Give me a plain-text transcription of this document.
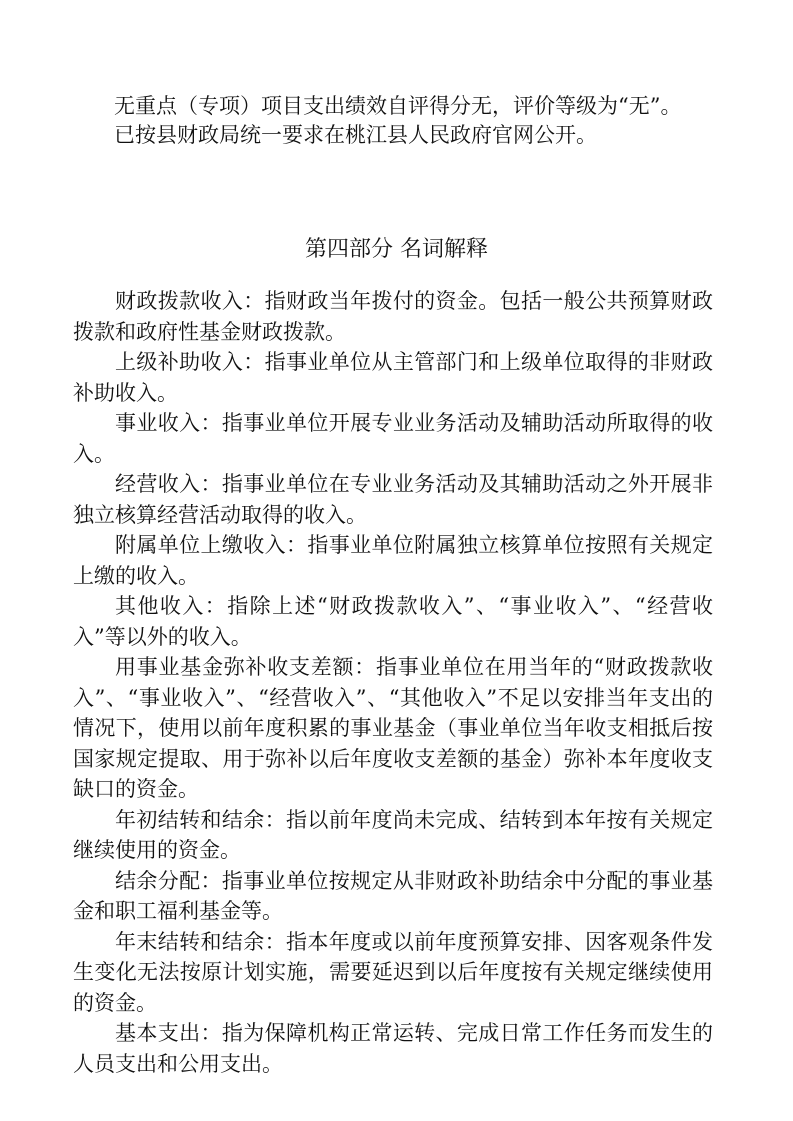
无重点（专项）项目支出绩效自评得分无，评价等级为“无”。

已按县财政局统一要求在桃江县人民政府官网公开。

第四部分 名词解释

财政拨款收入：指财政当年拨付的资金。包括一般公共预算财政拨款和政府性基金财政拨款。

上级补助收入：指事业单位从主管部门和上级单位取得的非财政补助收入。

事业收入：指事业单位开展专业业务活动及辅助活动所取得的收入。

经营收入：指事业单位在专业业务活动及其辅助活动之外开展非独立核算经营活动取得的收入。

附属单位上缴收入：指事业单位附属独立核算单位按照有关规定上缴的收入。

其他收入：指除上述“财政拨款收入”、“事业收入”、“经营收入”等以外的收入。

用事业基金弥补收支差额：指事业单位在用当年的“财政拨款收入”、“事业收入”、“经营收入”、“其他收入”不足以安排当年支出的情况下，使用以前年度积累的事业基金（事业单位当年收支相抵后按国家规定提取、用于弥补以后年度收支差额的基金）弥补本年度收支缺口的资金。

年初结转和结余：指以前年度尚未完成、结转到本年按有关规定继续使用的资金。

结余分配：指事业单位按规定从非财政补助结余中分配的事业基金和职工福利基金等。

年末结转和结余：指本年度或以前年度预算安排、因客观条件发生变化无法按原计划实施，需要延迟到以后年度按有关规定继续使用的资金。

基本支出：指为保障机构正常运转、完成日常工作任务而发生的人员支出和公用支出。
